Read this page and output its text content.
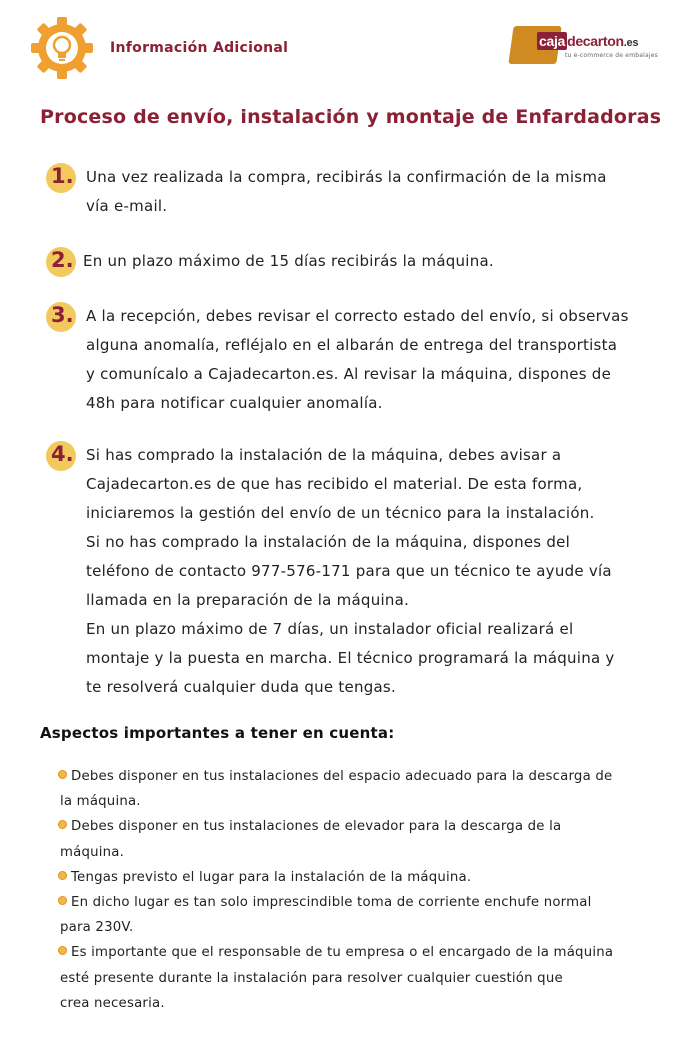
Información Adicional	caja decarton.es
tu e-commerce de embalajes
Proceso de envío, instalación y montaje de Enfardadoras
1. Una vez realizada la compra, recibirás la confirmación de la misma
vía e-mail.
2. En un plazo máximo de 15 días recibirás la máquina.
3. A la recepción, debes revisar el correcto estado del envío, si observas
alguna anomalía, refléjalo en el albarán de entrega del transportista
y comunícalo a Cajadecarton.es. Al revisar la máquina, dispones de
48h para notificar cualquier anomalía.
4. Si has comprado la instalación de la máquina, debes avisar a
Cajadecarton.es de que has recibido el material. De esta forma,
iniciaremos la gestión del envío de un técnico para la instalación.
Si no has comprado la instalación de la máquina, dispones del
teléfono de contacto 977-576-171 para que un técnico te ayude vía
llamada en la preparación de la máquina.
En un plazo máximo de 7 días, un instalador oficial realizará el
montaje y la puesta en marcha. El técnico programará la máquina y
te resolverá cualquier duda que tengas.
Aspectos importantes a tener en cuenta:
Debes disponer en tus instalaciones del espacio adecuado para la descarga de
la máquina.
Debes disponer en tus instalaciones de elevador para la descarga de la
máquina.
Tengas previsto el lugar para la instalación de la máquina.
En dicho lugar es tan solo imprescindible toma de corriente enchufe normal
para 230V.
Es importante que el responsable de tu empresa o el encargado de la máquina
esté presente durante la instalación para resolver cualquier cuestión que
crea necesaria.
